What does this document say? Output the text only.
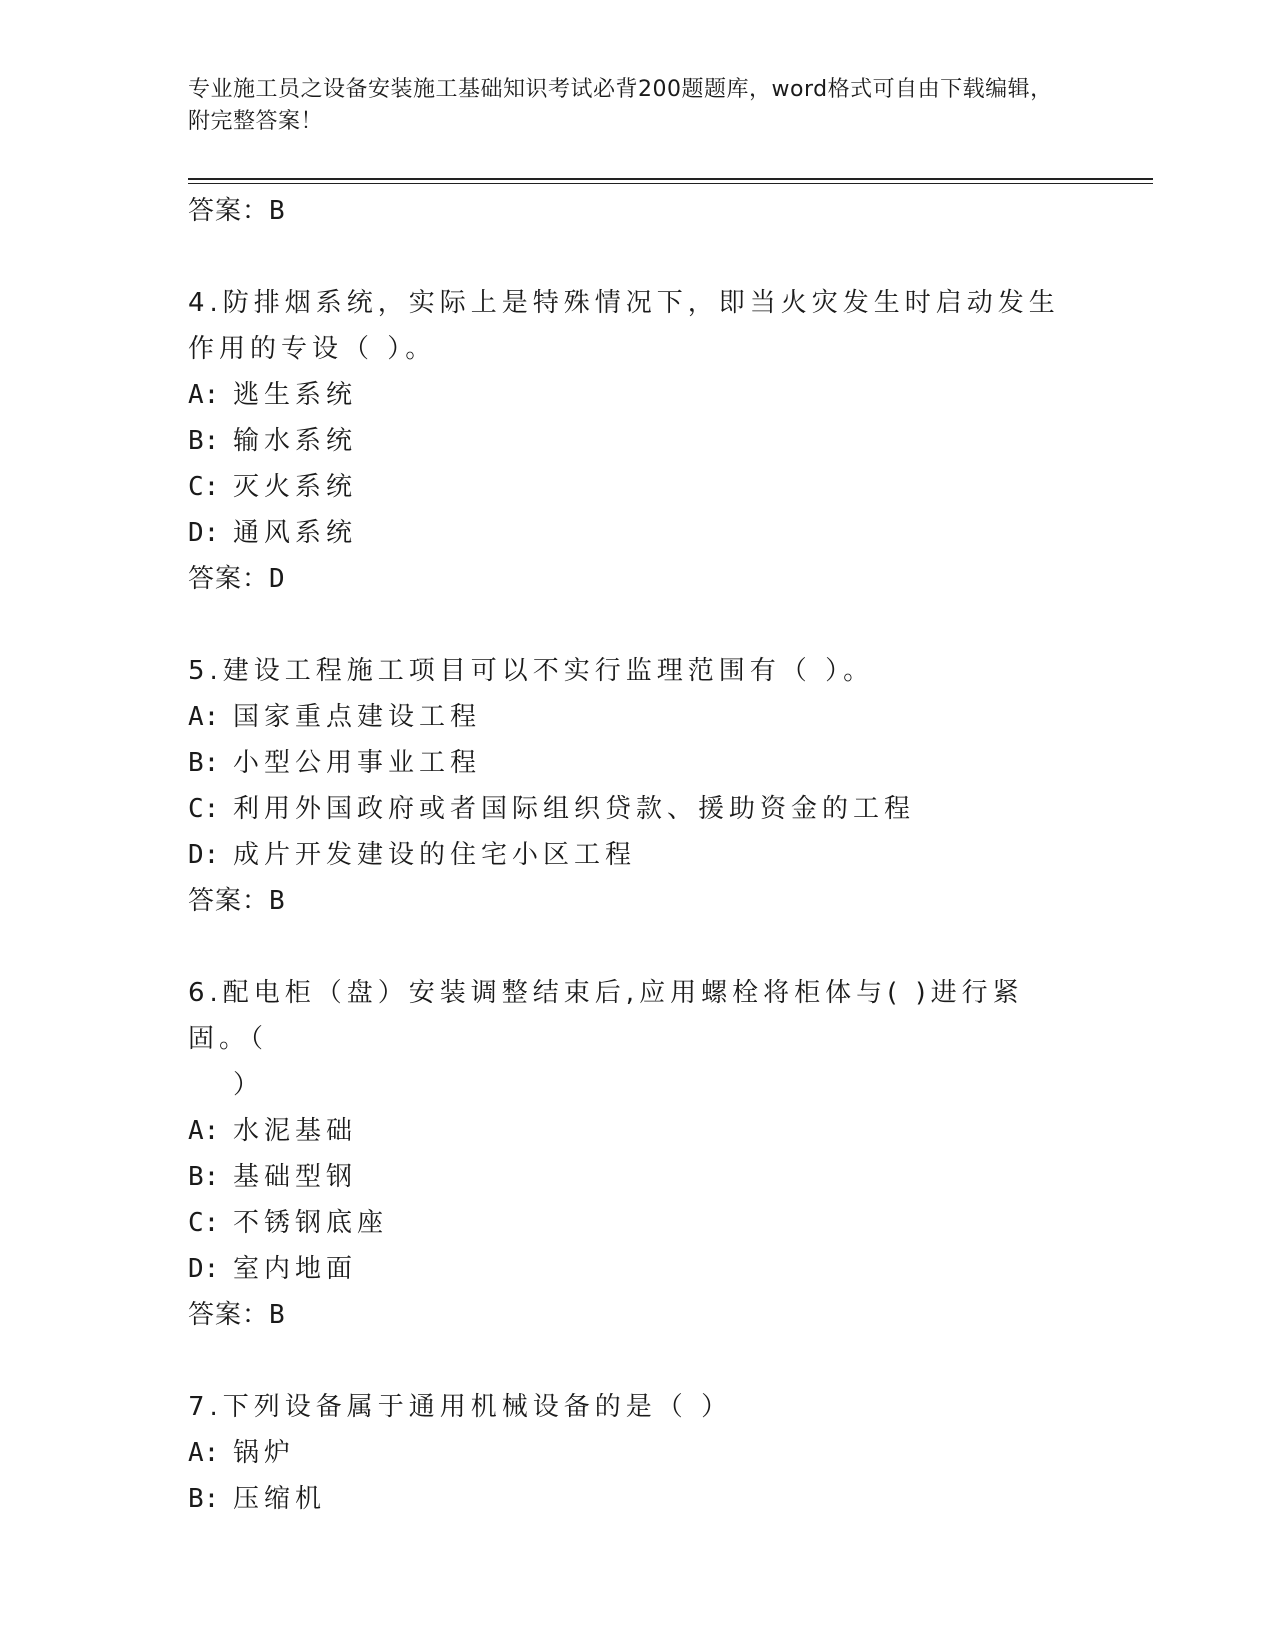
专业施工员之设备安装施工基础知识考试必背200题题库，word格式可自由下载编辑，附完整答案！
答案：B
4.防排烟系统，实际上是特殊情况下，即当火灾发生时启动发生作用的专设（ ）。
A: 逃生系统
B: 输水系统
C: 灭火系统
D: 通风系统
答案：D
5.建设工程施工项目可以不实行监理范围有（ ）。
A: 国家重点建设工程
B: 小型公用事业工程
C: 利用外国政府或者国际组织贷款、援助资金的工程
D: 成片开发建设的住宅小区工程
答案：B
6.配电柜（盘）安装调整结束后,应用螺栓将柜体与( )进行紧固。（
）
A: 水泥基础
B: 基础型钢
C: 不锈钢底座
D: 室内地面
答案：B
7.下列设备属于通用机械设备的是（ ）
A: 锅炉
B: 压缩机
